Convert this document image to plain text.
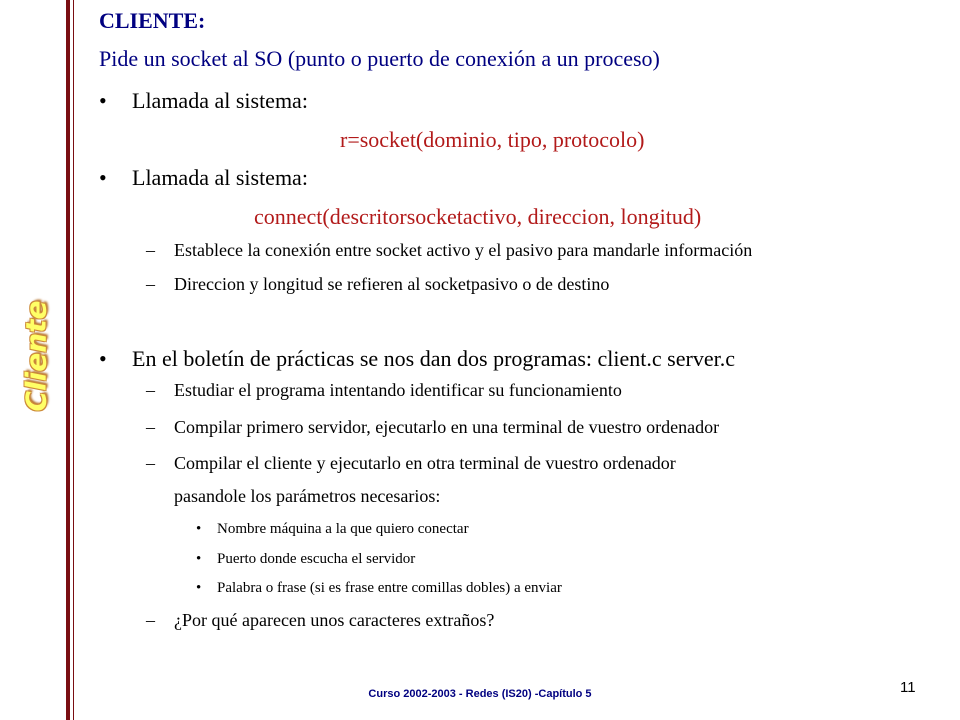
Cliente
CLIENTE:
Pide un socket al SO (punto o puerto de conexión a un proceso)
• Llamada al sistema:
r=socket(dominio, tipo, protocolo)
• Llamada al sistema:
connect(descritorsocketactivo, direccion, longitud)
– Establece la conexión entre socket activo y el pasivo para mandarle información
– Direccion y longitud se refieren al socketpasivo o de destino
• En el boletín de prácticas se nos dan dos programas: client.c server.c
– Estudiar el programa intentando identificar su funcionamiento
– Compilar primero servidor, ejecutarlo en una terminal de vuestro ordenador
– Compilar el cliente y ejecutarlo en otra terminal de vuestro ordenador
pasandole los parámetros necesarios:
• Nombre máquina a la que quiero conectar
• Puerto donde escucha el servidor
• Palabra o frase (si es frase entre comillas dobles) a enviar
– ¿Por qué aparecen unos caracteres extraños?
Curso 2002-2003 - Redes (IS20) -Capítulo 5	11
